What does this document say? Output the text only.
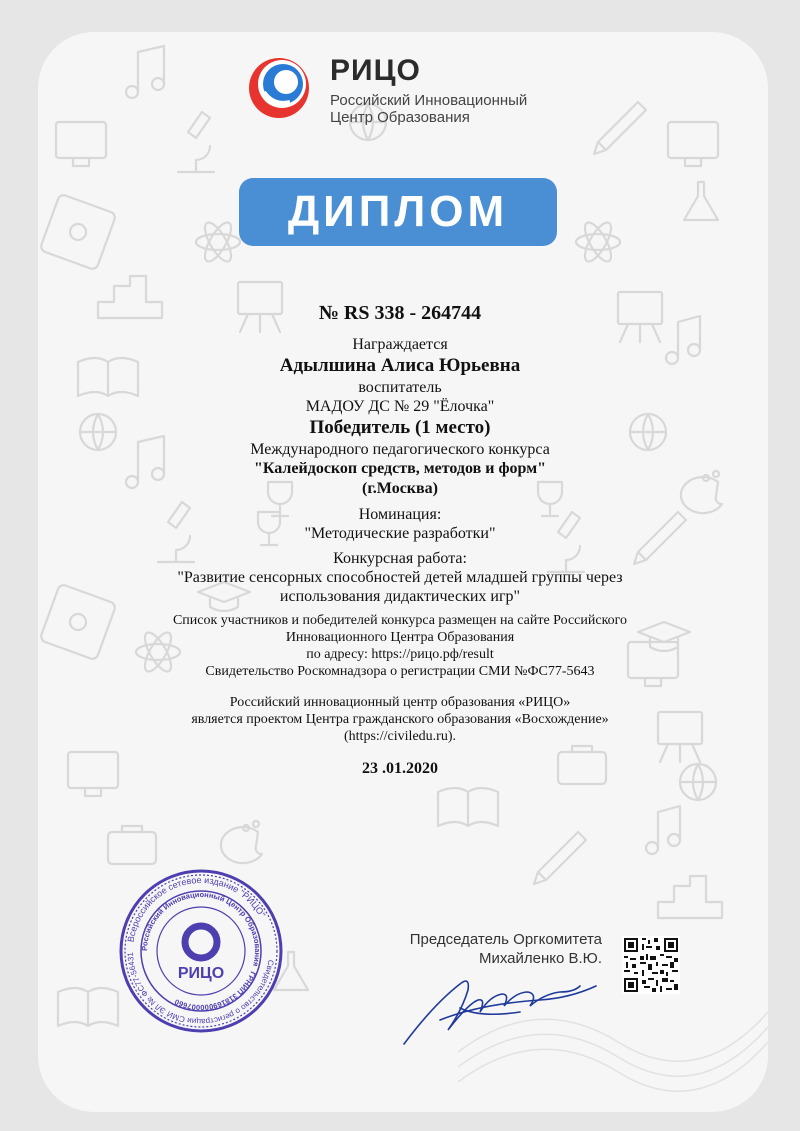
РИЦО
Российский Инновационный
Центр Образования
ДИПЛОМ
№ RS 338 - 264744
Награждается
Адылшина Алиса Юрьевна
воспитатель
МАДОУ ДС № 29 "Ёлочка"
Победитель (1 место)
Международного педагогического конкурса
"Калейдоскоп средств, методов и форм"
(г.Москва)
Номинация:
"Методические разработки"
Конкурсная работа:
"Развитие сенсорных способностей детей младшей группы через
использования дидактических игр"
Список участников и победителей конкурса размещен на сайте Российского
Инновационного Центра Образования
по адресу: https://рицо.рф/result
Свидетельство Роскомнадзора о регистрации СМИ №ФС77-5643
Российский инновационный центр образования «РИЦО»
является проектом Центра гражданского образования «Восхождение»
(https://civiledu.ru).
23 .01.2020
Всероссийское сетевое издание "РИЦО"
Свидетельство о регистрации СМИ ЭЛ № ФС77-56431
Российский Инновационный Центр Образования
ГРНИП 318169000007660
РИЦО
Председатель Оргкомитета
Михайленко В.Ю.
